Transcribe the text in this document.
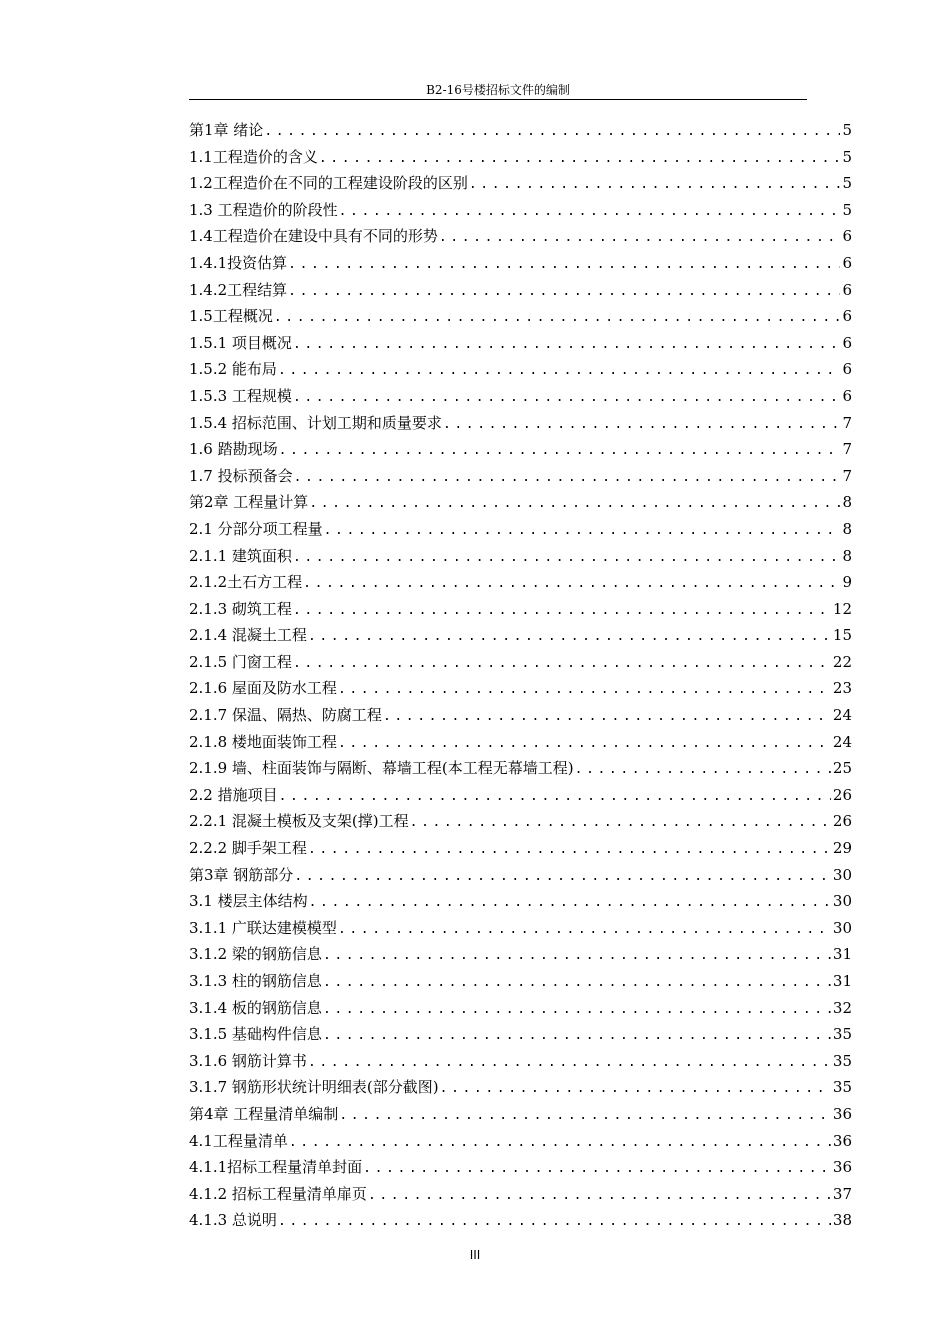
B2-16号楼招标文件的编制
第1章 绪论 .....	5
1.1工程造价的含义 .....	5
1.2工程造价在不同的工程建设阶段的区别 .....	5
1.3 工程造价的阶段性 .....	5
1.4工程造价在建设中具有不同的形势 .....	6
1.4.1投资估算 .....	6
1.4.2工程结算 .....	6
1.5工程概况 .....	6
1.5.1 项目概况 .....	6
1.5.2 能布局 .....	6
1.5.3 工程规模 .....	6
1.5.4 招标范围、计划工期和质量要求 .....	7
1.6 踏勘现场 .....	7
1.7 投标预备会 .....	7
第2章 工程量计算 .....	8
2.1 分部分项工程量 .....	8
2.1.1 建筑面积 .....	8
2.1.2土石方工程 .....	9
2.1.3 砌筑工程 .....	12
2.1.4 混凝土工程 .....	15
2.1.5 门窗工程 .....	22
2.1.6 屋面及防水工程 .....	23
2.1.7 保温、隔热、防腐工程 .....	24
2.1.8 楼地面装饰工程 .....	24
2.1.9 墙、柱面装饰与隔断、幕墙工程(本工程无幕墙工程) .....	25
2.2 措施项目 .....	26
2.2.1 混凝土模板及支架(撑)工程 .....	26
2.2.2 脚手架工程 .....	29
第3章 钢筋部分 .....	30
3.1 楼层主体结构 .....	30
3.1.1 广联达建模模型 .....	30
3.1.2 梁的钢筋信息 .....	31
3.1.3 柱的钢筋信息 .....	31
3.1.4 板的钢筋信息 .....	32
3.1.5 基础构件信息 .....	35
3.1.6 钢筋计算书 .....	35
3.1.7 钢筋形状统计明细表(部分截图) .....	35
第4章 工程量清单编制 .....	36
4.1工程量清单 .....	36
4.1.1招标工程量清单封面 .....	36
4.1.2 招标工程量清单扉页 .....	37
4.1.3 总说明 .....	38
III
